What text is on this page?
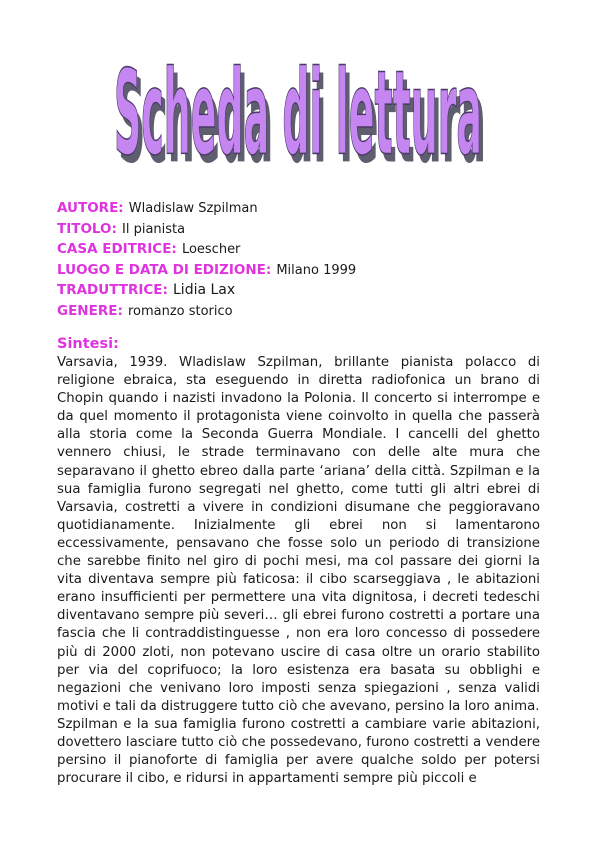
Scheda di lettura
Scheda di lettura
AUTORE: Wladislaw Szpilman
TITOLO: Il pianista
CASA EDITRICE: Loescher
LUOGO E DATA DI EDIZIONE: Milano 1999
TRADUTTRICE: Lidia Lax
GENERE: romanzo storico
Sintesi:

Varsavia, 1939. Wladislaw Szpilman, brillante pianista polacco di religione ebraica, sta eseguendo in diretta radiofonica un brano di Chopin quando i nazisti invadono la Polonia. Il concerto si interrompe e da quel momento il protagonista viene coinvolto in quella che passerà alla storia come la Seconda Guerra Mondiale. I cancelli del ghetto vennero chiusi, le strade terminavano con delle alte mura che separavano il ghetto ebreo dalla parte ‘ariana’ della città. Szpilman e la sua famiglia furono segregati nel ghetto, come tutti gli altri ebrei di Varsavia, costretti a vivere in condizioni disumane che peggioravano quotidianamente. Inizialmente gli ebrei non si lamentarono eccessivamente, pensavano che fosse solo un periodo di transizione che sarebbe finito nel giro di pochi mesi, ma col passare dei giorni la vita diventava sempre più faticosa: il cibo scarseggiava , le abitazioni erano insufficienti per permettere una vita dignitosa, i decreti tedeschi diventavano sempre più severi… gli ebrei furono costretti a portare una fascia che li contraddistinguesse , non era loro concesso di possedere più di 2000 zloti, non potevano uscire di casa oltre un orario stabilito per via del coprifuoco; la loro esistenza era basata su obblighi e negazioni che venivano loro imposti senza spiegazioni , senza validi motivi e tali da distruggere tutto ciò che avevano, persino la loro anima.

Szpilman e la sua famiglia furono costretti a cambiare varie abitazioni, dovettero lasciare tutto ciò che possedevano, furono costretti a vendere persino il pianoforte di famiglia per avere qualche soldo per potersi procurare il cibo, e ridursi in appartamenti sempre più piccoli e
